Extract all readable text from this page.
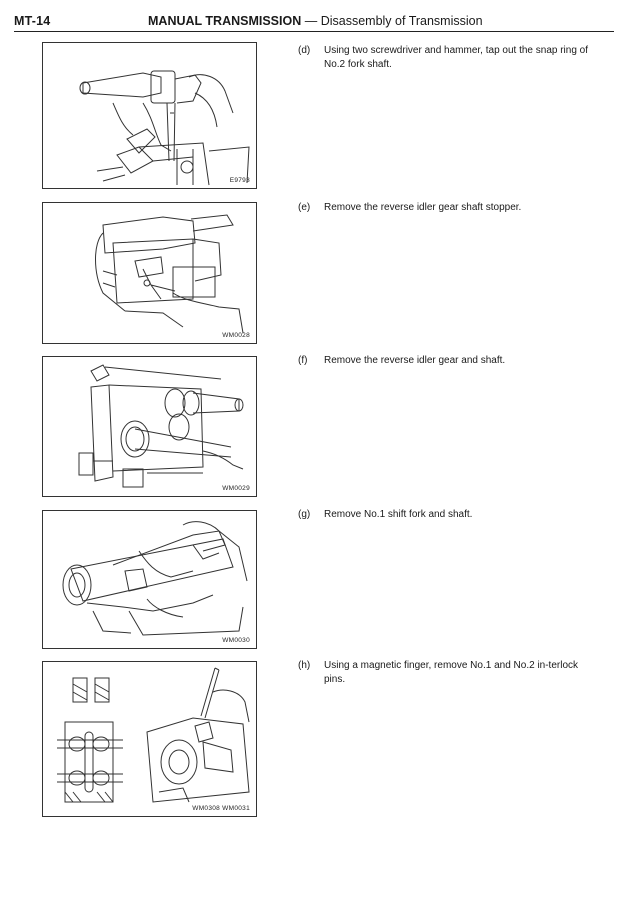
MT-14	MANUAL TRANSMISSION — Disassembly of Transmission
E9793
WM0028
WM0029
WM0030
WM0308 WM0031
(d) Using two screwdriver and hammer, tap out the snap ring of No.2 fork shaft.
(e) Remove the reverse idler gear shaft stopper.
(f) Remove the reverse idler gear and shaft.
(g) Remove No.1 shift fork and shaft.
(h) Using a magnetic finger, remove No.1 and No.2 in-terlock pins.
